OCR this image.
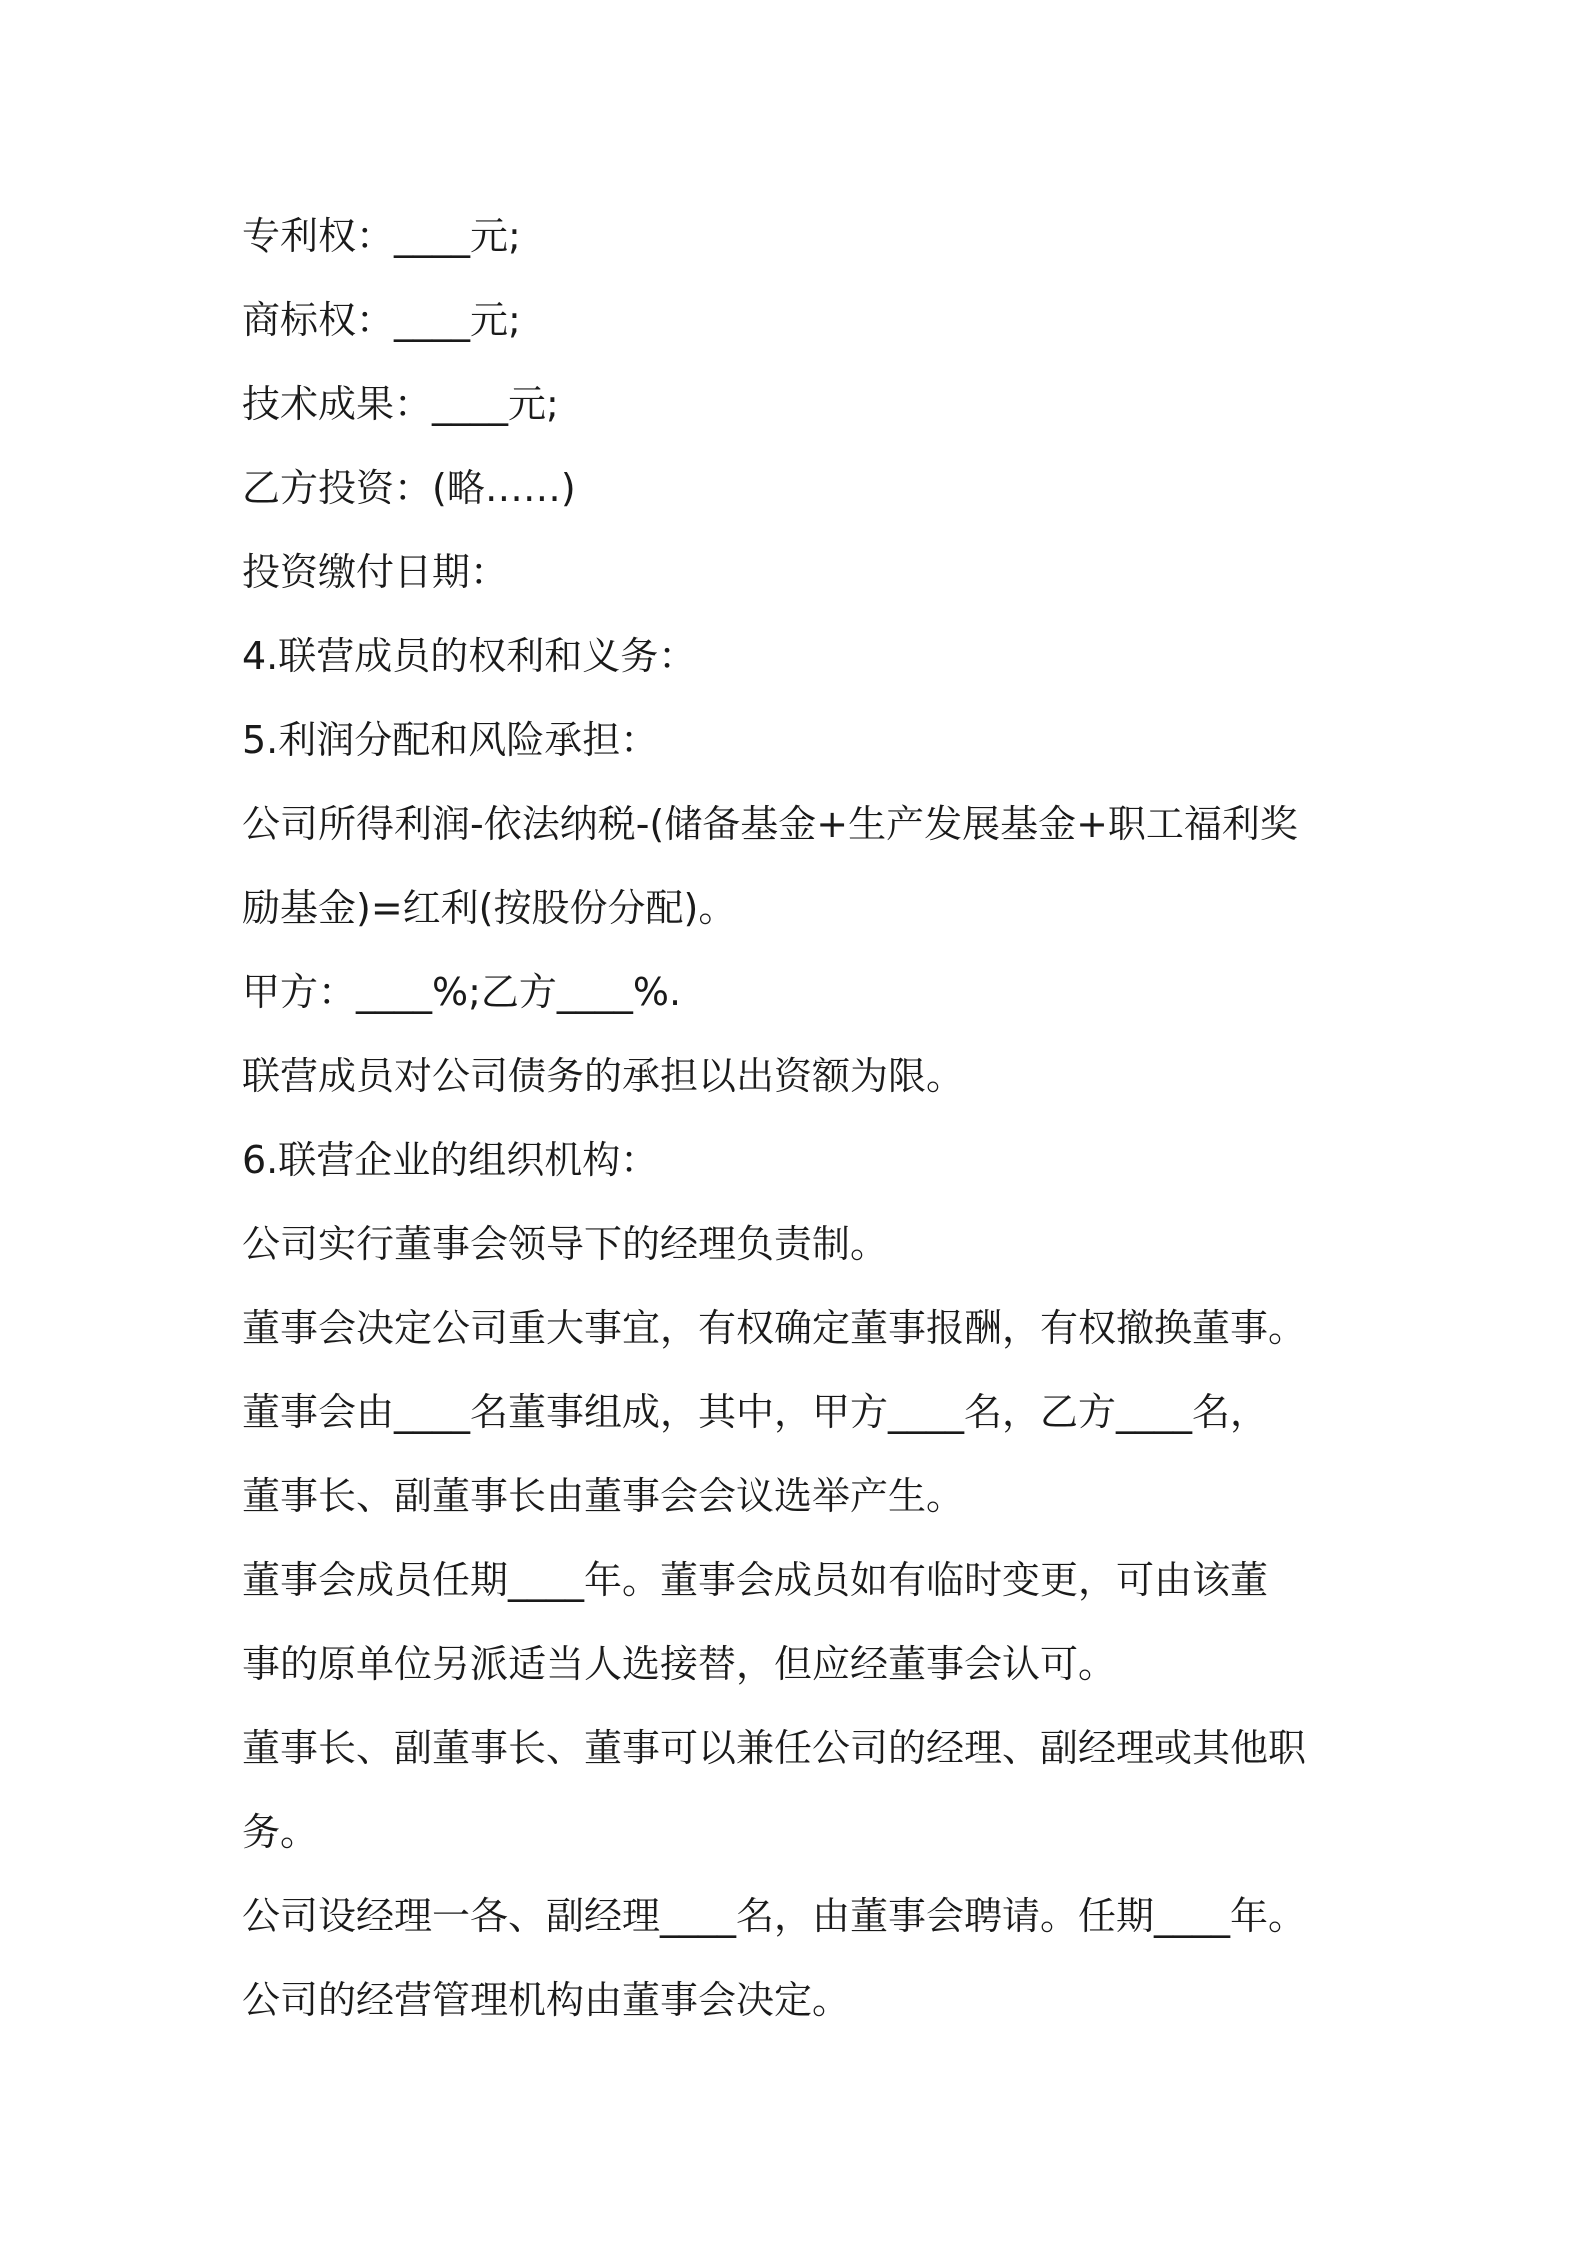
专利权：____元;
商标权：____元;
技术成果：____元;
乙方投资：(略……)
投资缴付日期：
4.联营成员的权利和义务：
5.利润分配和风险承担：
公司所得利润-依法纳税-(储备基金+生产发展基金+职工福利奖
励基金)=红利(按股份分配)。
甲方：____%;乙方____%.
联营成员对公司债务的承担以出资额为限。
6.联营企业的组织机构：
公司实行董事会领导下的经理负责制。
董事会决定公司重大事宜，有权确定董事报酬，有权撤换董事。
董事会由____名董事组成，其中，甲方____名，乙方____名，
董事长、副董事长由董事会会议选举产生。
董事会成员任期____年。董事会成员如有临时变更，可由该董
事的原单位另派适当人选接替，但应经董事会认可。
董事长、副董事长、董事可以兼任公司的经理、副经理或其他职
务。
公司设经理一各、副经理____名，由董事会聘请。任期____年。
公司的经营管理机构由董事会决定。
